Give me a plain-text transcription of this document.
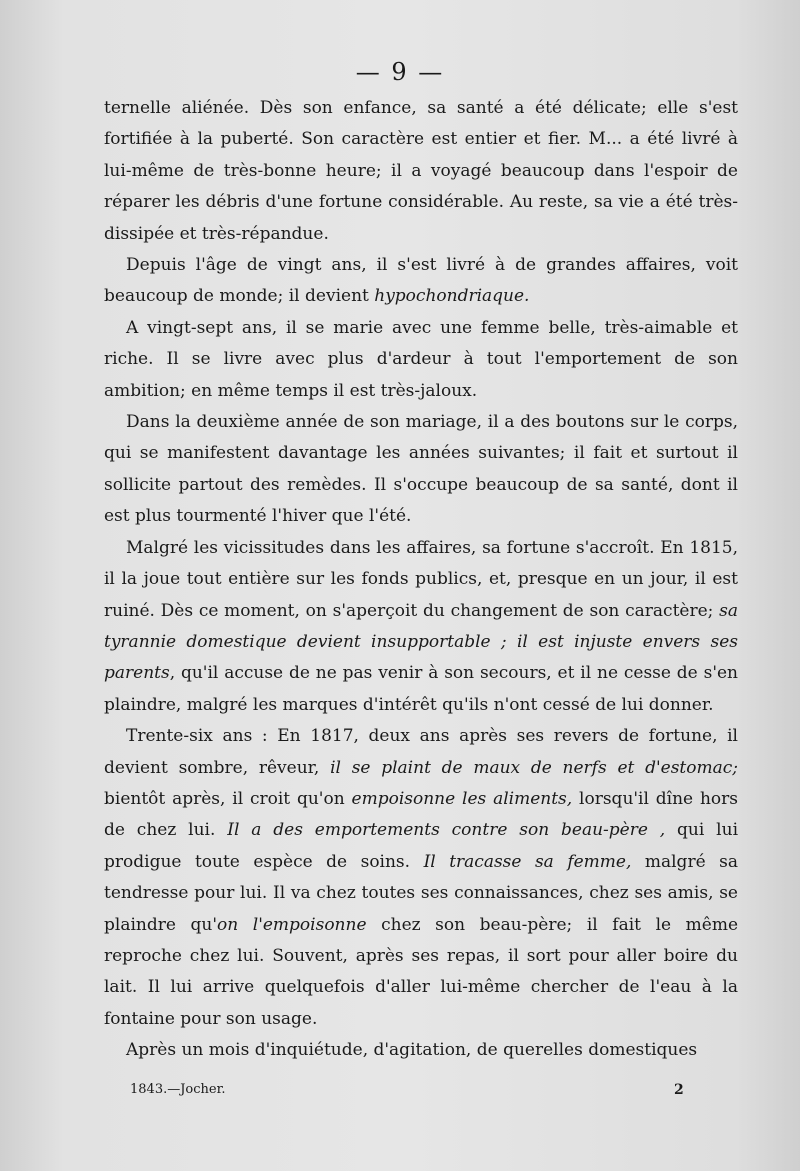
— 9 —

ternelle aliénée. Dès son enfance, sa santé a été délicate; elle s'est fortifiée à la puberté. Son caractère est entier et fier. M... a été livré à lui-même de très-bonne heure; il a voyagé beaucoup dans l'espoir de réparer les débris d'une fortune considérable. Au reste, sa vie a été très-dissipée et très-répandue.

Depuis l'âge de vingt ans, il s'est livré à de grandes affaires, voit beaucoup de monde; il devient hypochondriaque.

A vingt-sept ans, il se marie avec une femme belle, très-aimable et riche. Il se livre avec plus d'ardeur à tout l'emportement de son ambition; en même temps il est très-jaloux.

Dans la deuxième année de son mariage, il a des boutons sur le corps, qui se manifestent davantage les années suivantes; il fait et surtout il sollicite partout des remèdes. Il s'occupe beaucoup de sa santé, dont il est plus tourmenté l'hiver que l'été.

Malgré les vicissitudes dans les affaires, sa fortune s'accroît. En 1815, il la joue tout entière sur les fonds publics, et, presque en un jour, il est ruiné. Dès ce moment, on s'aperçoit du changement de son caractère; sa tyrannie domestique devient insupportable ; il est injuste envers ses parents, qu'il accuse de ne pas venir à son secours, et il ne cesse de s'en plaindre, malgré les marques d'intérêt qu'ils n'ont cessé de lui donner.

Trente-six ans : En 1817, deux ans après ses revers de fortune, il devient sombre, rêveur, il se plaint de maux de nerfs et d'estomac; bientôt après, il croit qu'on empoisonne les aliments, lorsqu'il dîne hors de chez lui. Il a des emportements contre son beau-père , qui lui prodigue toute espèce de soins. Il tracasse sa femme, malgré sa tendresse pour lui. Il va chez toutes ses connaissances, chez ses amis, se plaindre qu'on l'empoisonne chez son beau-père; il fait le même reproche chez lui. Souvent, après ses repas, il sort pour aller boire du lait. Il lui arrive quelquefois d'aller lui-même chercher de l'eau à la fontaine pour son usage.

Après un mois d'inquiétude, d'agitation, de querelles domestiques

1843.—Jocher.	2
